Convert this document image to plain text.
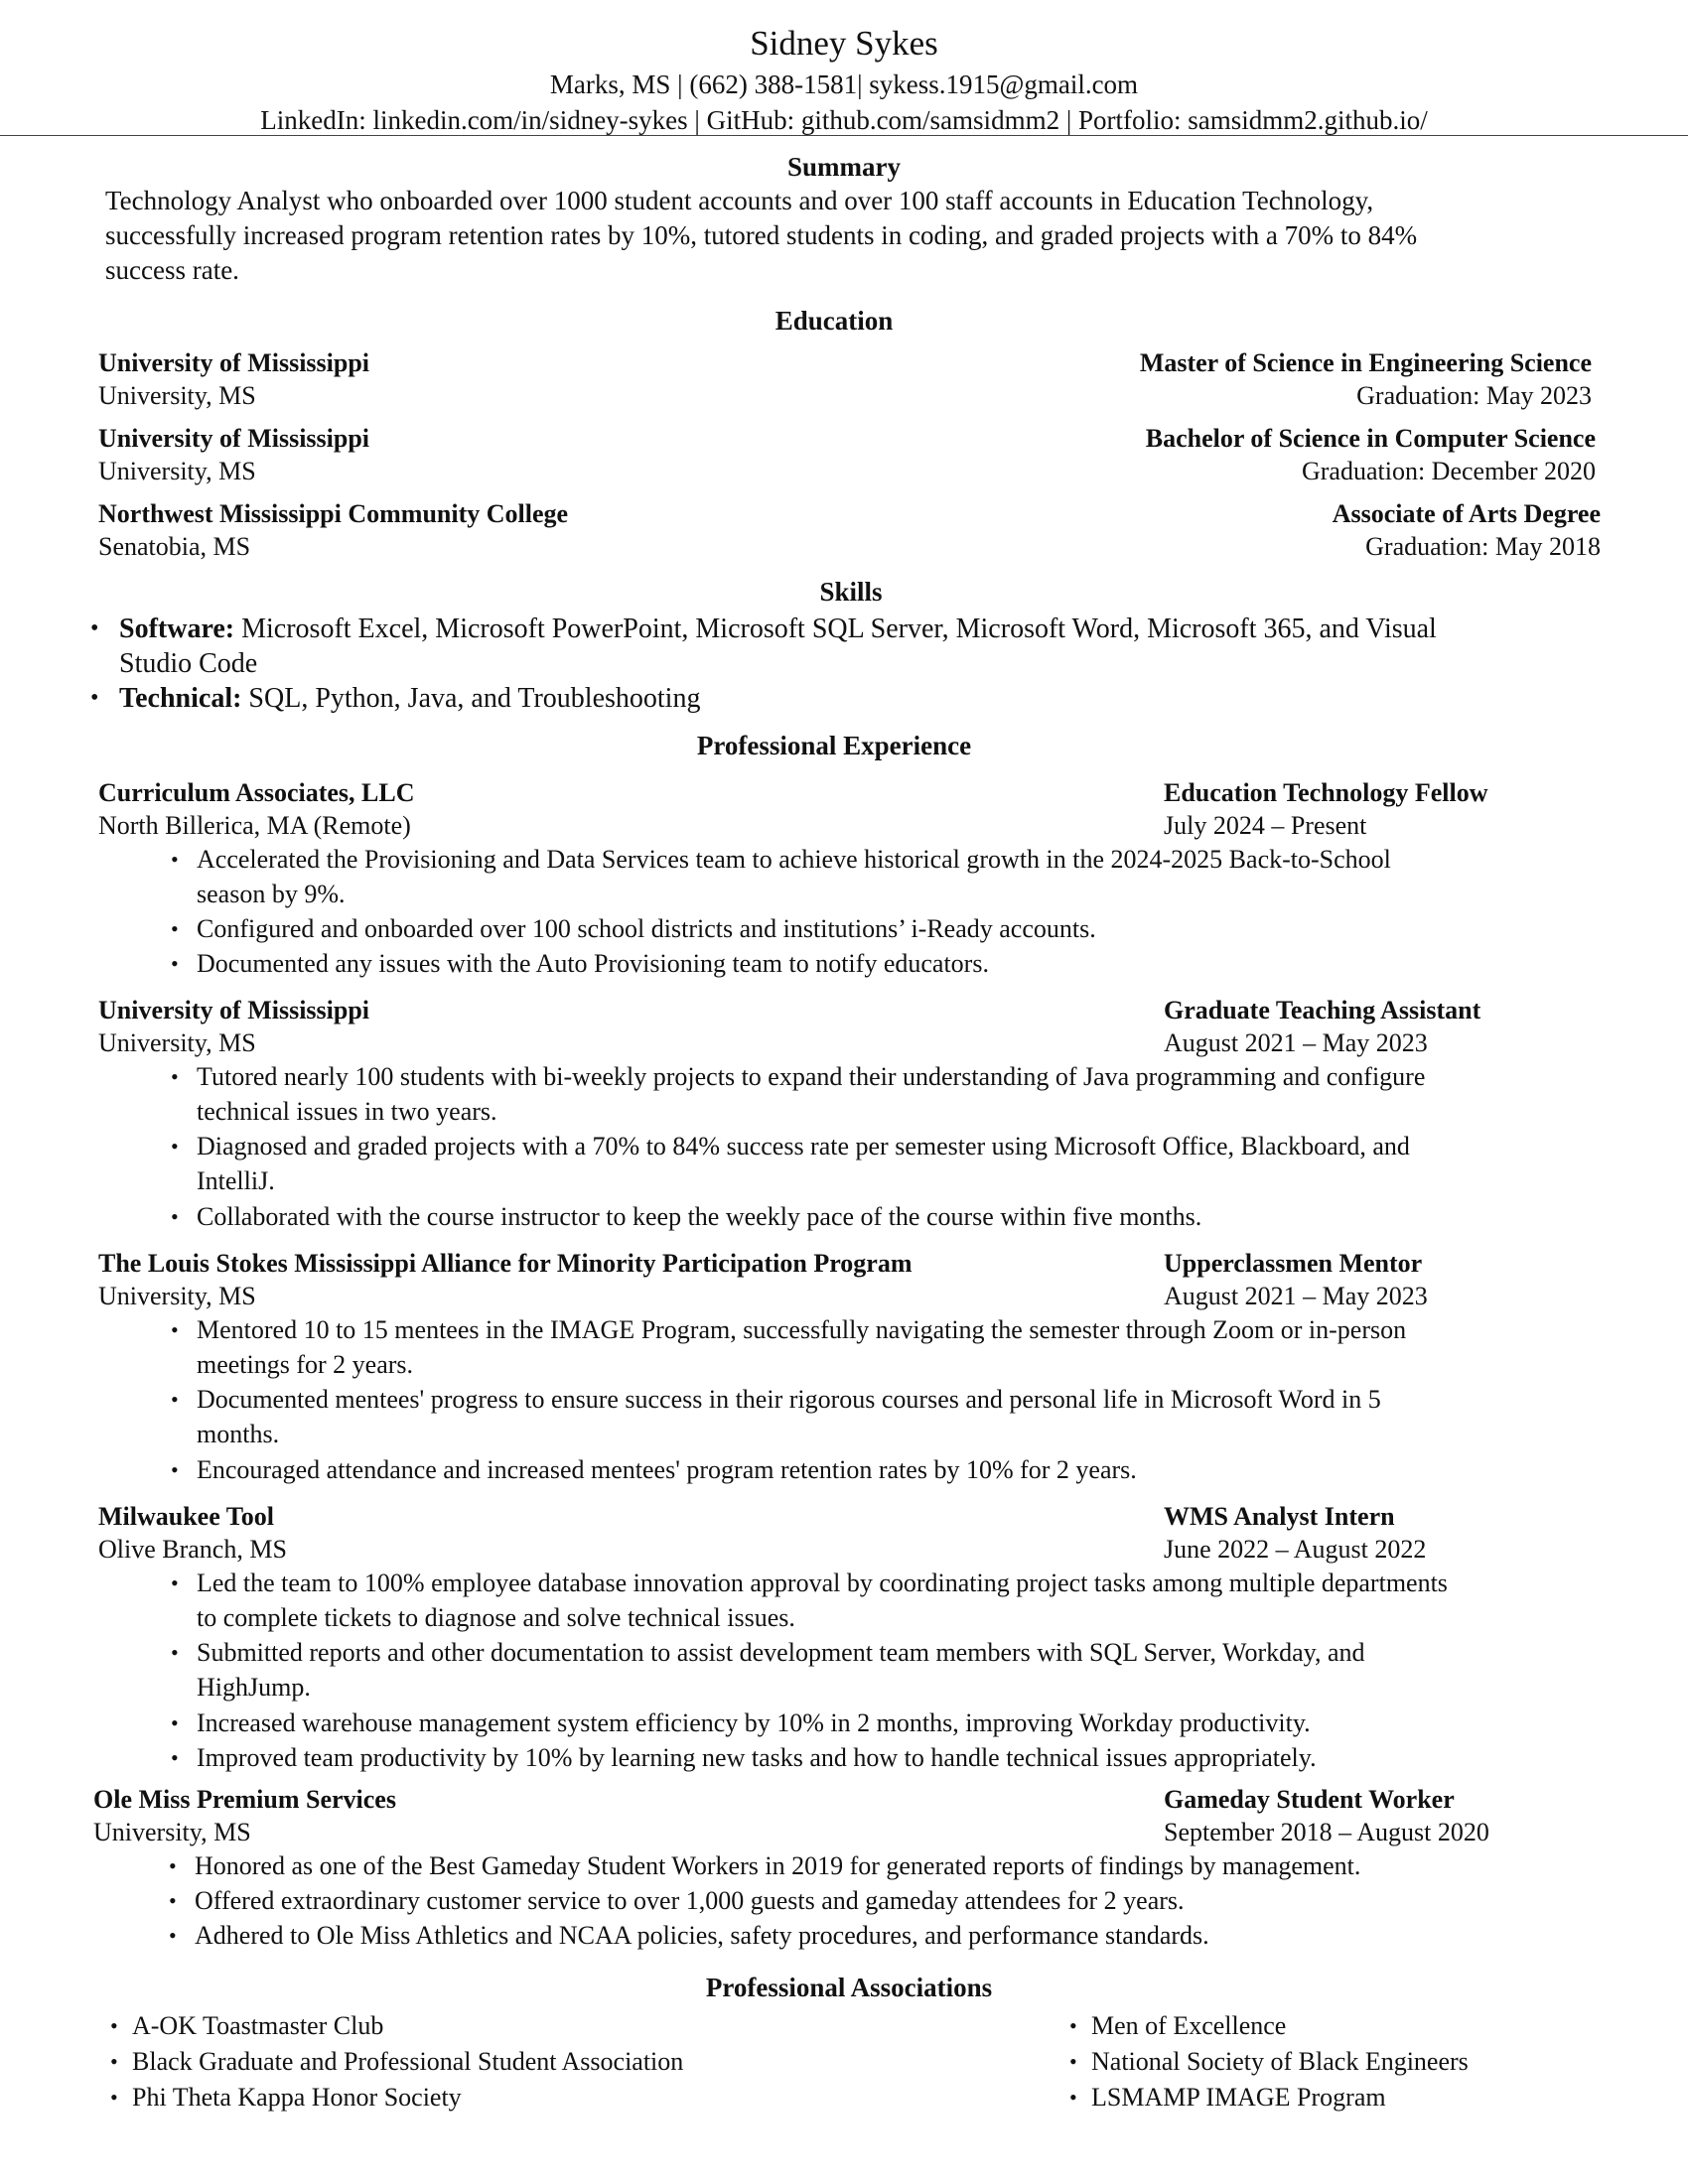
Sidney Sykes
Marks, MS | (662) 388-1581| sykess.1915@gmail.com
LinkedIn: linkedin.com/in/sidney-sykes | GitHub: github.com/samsidmm2 | Portfolio: samsidmm2.github.io/
Summary
Technology Analyst who onboarded over 1000 student accounts and over 100 staff accounts in Education Technology,
successfully increased program retention rates by 10%, tutored students in coding, and graded projects with a 70% to 84%
success rate.
Education
University of Mississippi
University, MS
Master of Science in Engineering Science
Graduation: May 2023
University of Mississippi
University, MS
Bachelor of Science in Computer Science
Graduation: December 2020
Northwest Mississippi Community College
Senatobia, MS
Associate of Arts Degree
Graduation: May 2018
Skills
• Software: Microsoft Excel, Microsoft PowerPoint, Microsoft SQL Server, Microsoft Word, Microsoft 365, and Visual
Studio Code
• Technical: SQL, Python, Java, and Troubleshooting
Professional Experience
Curriculum Associates, LLC
North Billerica, MA (Remote)
Education Technology Fellow
July 2024 – Present
• Accelerated the Provisioning and Data Services team to achieve historical growth in the 2024-2025 Back-to-School
season by 9%.
• Configured and onboarded over 100 school districts and institutions’ i-Ready accounts.
• Documented any issues with the Auto Provisioning team to notify educators.
University of Mississippi
University, MS
Graduate Teaching Assistant
August 2021 – May 2023
• Tutored nearly 100 students with bi-weekly projects to expand their understanding of Java programming and configure
technical issues in two years.
• Diagnosed and graded projects with a 70% to 84% success rate per semester using Microsoft Office, Blackboard, and
IntelliJ.
• Collaborated with the course instructor to keep the weekly pace of the course within five months.
The Louis Stokes Mississippi Alliance for Minority Participation Program
University, MS
Upperclassmen Mentor
August 2021 – May 2023
• Mentored 10 to 15 mentees in the IMAGE Program, successfully navigating the semester through Zoom or in-person
meetings for 2 years.
• Documented mentees' progress to ensure success in their rigorous courses and personal life in Microsoft Word in 5
months.
• Encouraged attendance and increased mentees' program retention rates by 10% for 2 years.
Milwaukee Tool
Olive Branch, MS
WMS Analyst Intern
June 2022 – August 2022
• Led the team to 100% employee database innovation approval by coordinating project tasks among multiple departments
to complete tickets to diagnose and solve technical issues.
• Submitted reports and other documentation to assist development team members with SQL Server, Workday, and
HighJump.
• Increased warehouse management system efficiency by 10% in 2 months, improving Workday productivity.
• Improved team productivity by 10% by learning new tasks and how to handle technical issues appropriately.
Ole Miss Premium Services
University, MS
Gameday Student Worker
September 2018 – August 2020
• Honored as one of the Best Gameday Student Workers in 2019 for generated reports of findings by management.
• Offered extraordinary customer service to over 1,000 guests and gameday attendees for 2 years.
• Adhered to Ole Miss Athletics and NCAA policies, safety procedures, and performance standards.
Professional Associations
• A-OK Toastmaster Club
• Black Graduate and Professional Student Association
• Phi Theta Kappa Honor Society
• Men of Excellence
• National Society of Black Engineers
• LSMAMP IMAGE Program
